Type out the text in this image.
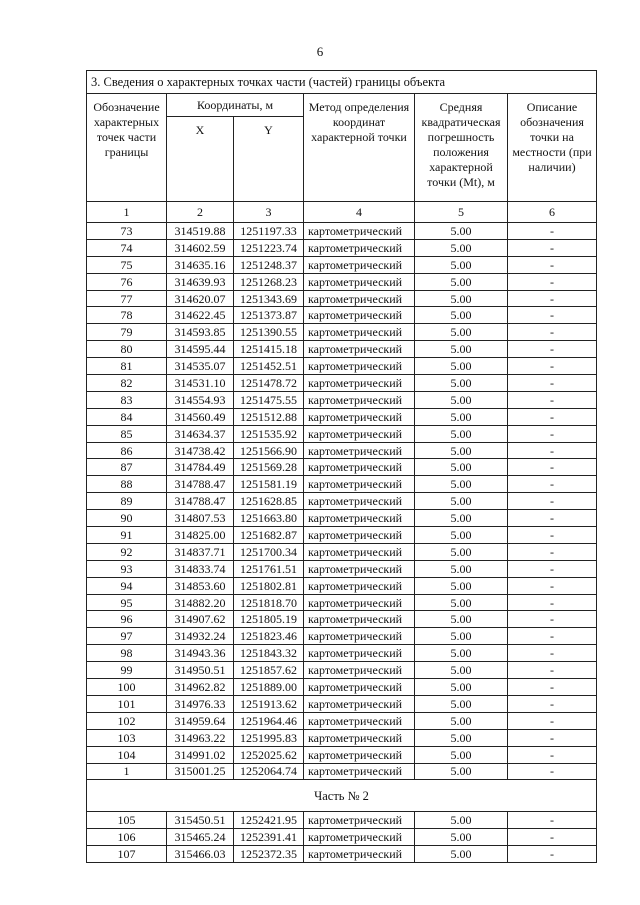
6
3. Сведения о характерных точках части (частей) границы объекта					
Обозначение характерных точек части границы	Координаты, м		Метод определения координат характерной точки	Средняя квадратическая погрешность положения характерной точки (Mt), м	Описание обозначения точки на местности (при наличии)
	X	Y			
1	2	3	4	5	6
73	314519.88	1251197.33	картометрический	5.00	-
74	314602.59	1251223.74	картометрический	5.00	-
75	314635.16	1251248.37	картометрический	5.00	-
76	314639.93	1251268.23	картометрический	5.00	-
77	314620.07	1251343.69	картометрический	5.00	-
78	314622.45	1251373.87	картометрический	5.00	-
79	314593.85	1251390.55	картометрический	5.00	-
80	314595.44	1251415.18	картометрический	5.00	-
81	314535.07	1251452.51	картометрический	5.00	-
82	314531.10	1251478.72	картометрический	5.00	-
83	314554.93	1251475.55	картометрический	5.00	-
84	314560.49	1251512.88	картометрический	5.00	-
85	314634.37	1251535.92	картометрический	5.00	-
86	314738.42	1251566.90	картометрический	5.00	-
87	314784.49	1251569.28	картометрический	5.00	-
88	314788.47	1251581.19	картометрический	5.00	-
89	314788.47	1251628.85	картометрический	5.00	-
90	314807.53	1251663.80	картометрический	5.00	-
91	314825.00	1251682.87	картометрический	5.00	-
92	314837.71	1251700.34	картометрический	5.00	-
93	314833.74	1251761.51	картометрический	5.00	-
94	314853.60	1251802.81	картометрический	5.00	-
95	314882.20	1251818.70	картометрический	5.00	-
96	314907.62	1251805.19	картометрический	5.00	-
97	314932.24	1251823.46	картометрический	5.00	-
98	314943.36	1251843.32	картометрический	5.00	-
99	314950.51	1251857.62	картометрический	5.00	-
100	314962.82	1251889.00	картометрический	5.00	-
101	314976.33	1251913.62	картометрический	5.00	-
102	314959.64	1251964.46	картометрический	5.00	-
103	314963.22	1251995.83	картометрический	5.00	-
104	314991.02	1252025.62	картометрический	5.00	-
1	315001.25	1252064.74	картометрический	5.00	-
Часть № 2					
105	315450.51	1252421.95	картометрический	5.00	-
106	315465.24	1252391.41	картометрический	5.00	-
107	315466.03	1252372.35	картометрический	5.00	-
